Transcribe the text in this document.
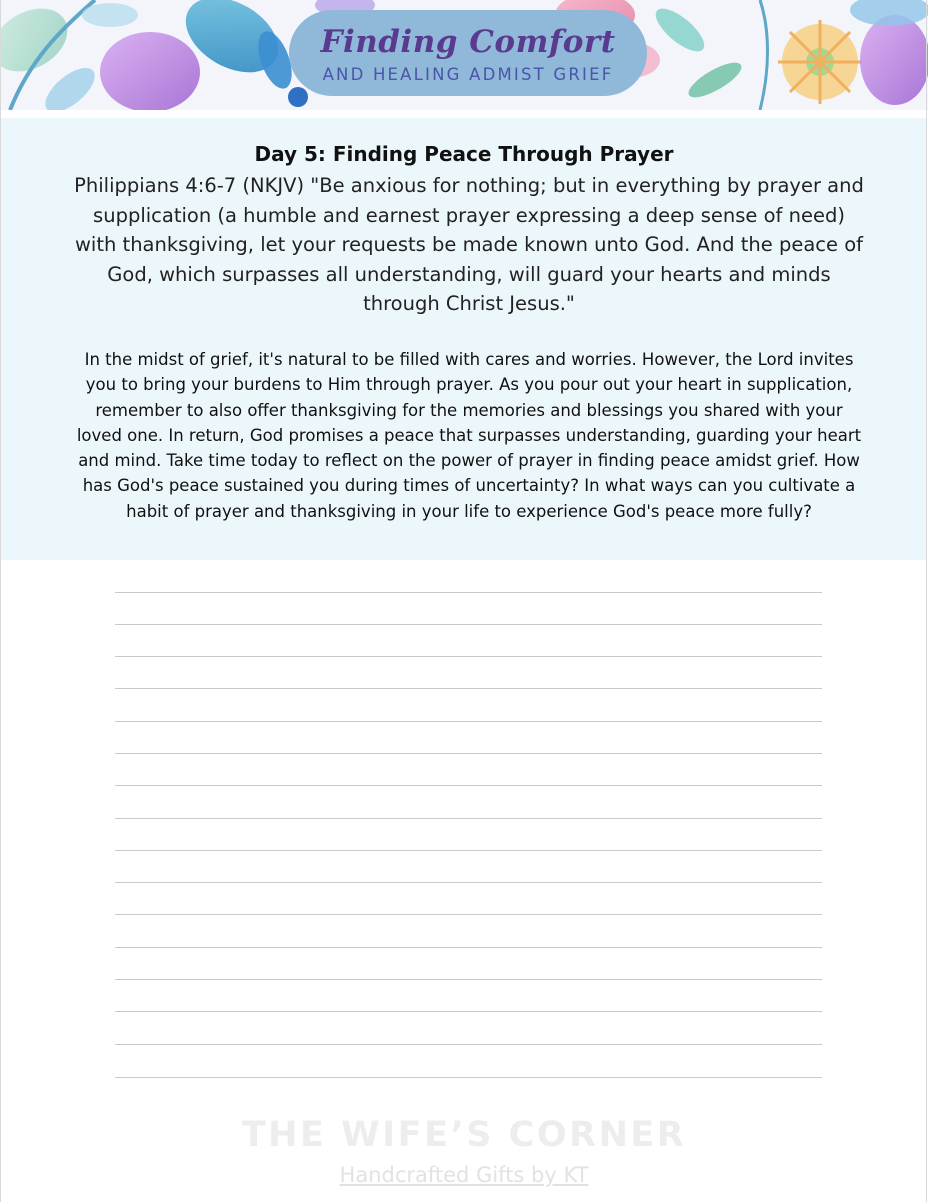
Finding Comfort
AND HEALING ADMIST GRIEF
Day 5: Finding Peace Through Prayer
Philippians 4:6-7 (NKJV) "Be anxious for nothing; but in everything by prayer and supplication (a humble and earnest prayer expressing a deep sense of need) with thanksgiving, let your requests be made known unto God. And the peace of God, which surpasses all understanding, will guard your hearts and minds through Christ Jesus."
In the midst of grief, it's natural to be filled with cares and worries. However, the Lord invites you to bring your burdens to Him through prayer. As you pour out your heart in supplication, remember to also offer thanksgiving for the memories and blessings you shared with your loved one. In return, God promises a peace that surpasses understanding, guarding your heart and mind. Take time today to reflect on the power of prayer in finding peace amidst grief. How has God's peace sustained you during times of uncertainty? In what ways can you cultivate a habit of prayer and thanksgiving in your life to experience God's peace more fully?
THE WIFE’S CORNER
Handcrafted Gifts by KT
